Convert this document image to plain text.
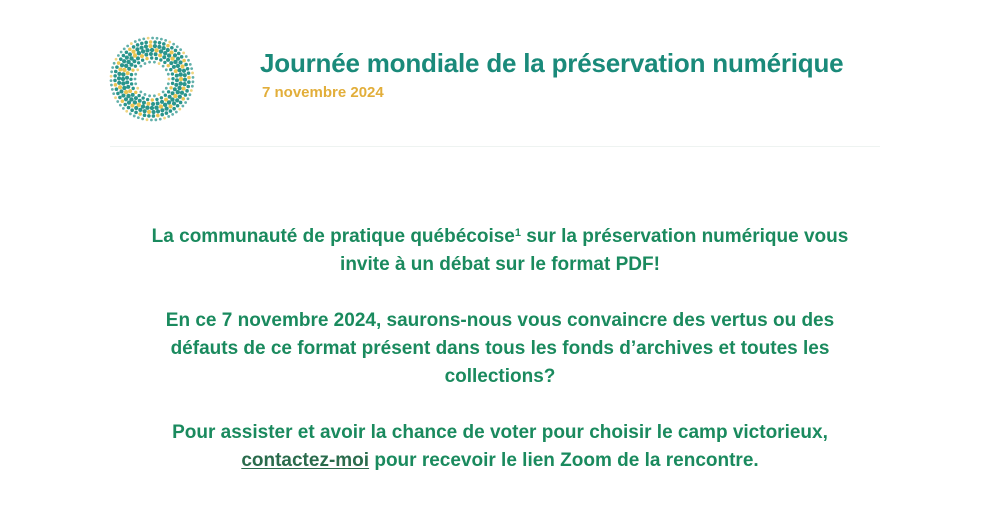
Journée mondiale de la préservation numérique
7 novembre 2024

La communauté de pratique québécoise$^1$ sur la préservation numérique vous invite à un débat sur le format PDF!

En ce 7 novembre 2024, saurons-nous vous convaincre des vertus ou des défauts de ce format présent dans tous les fonds d’archives et toutes les collections?

Pour assister et avoir la chance de voter pour choisir le camp victorieux, contactez-moi pour recevoir le lien Zoom de la rencontre.
